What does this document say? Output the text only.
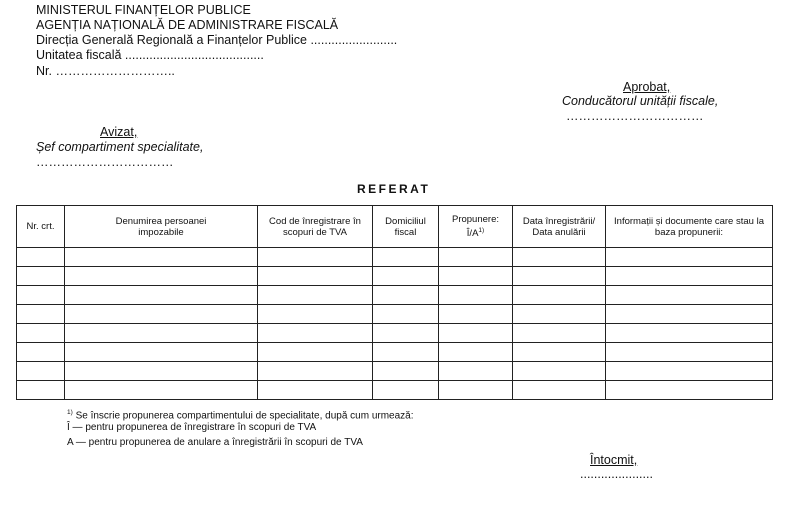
MINISTERUL FINANȚELOR PUBLICE
AGENȚIA NAȚIONALĂ DE ADMINISTRARE FISCALĂ
Direcția Generală Regională a Finanțelor Publice .........................
Unitatea fiscală ........................................
Nr. ………………………..
Aprobat,
Conducătorul unității fiscale,
……………………………
Avizat,
Șef compartiment specialitate,
……………………………
REFERAT
Nr. crt.	Denumirea persoanei impozabile	Cod de înregistrare în scopuri de TVA	Domiciliul fiscal	Propunere: $Î/A^{1)}$	Data înregistrării/ Data anulării	Informații și documente care stau la baza propunerii:

$^{1)}$ Se înscrie propunerea compartimentului de specialitate, după cum urmează:
Î — pentru propunerea de înregistrare în scopuri de TVA
A — pentru propunerea de anulare a înregistrării în scopuri de TVA
Întocmit,
.....................
